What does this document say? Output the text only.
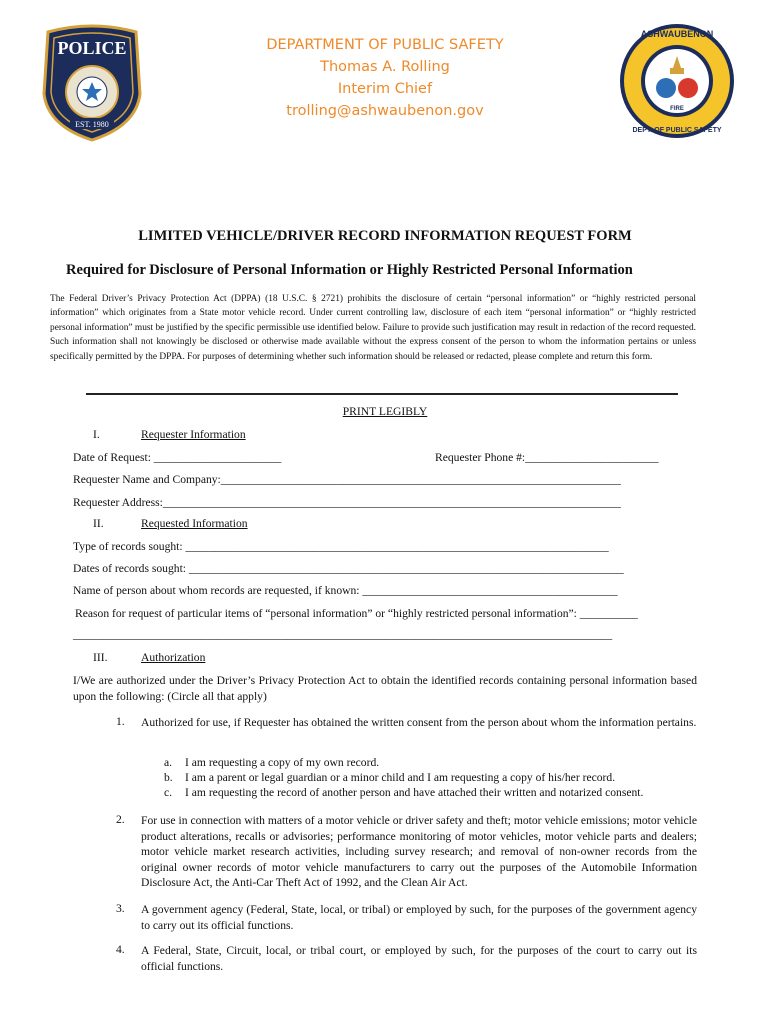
POLICE
EST. 1980
FIRE
ASHWAUBENON
DEPT. OF PUBLIC SAFETY
DEPARTMENT OF PUBLIC SAFETY
Thomas A. Rolling
Interim Chief
trolling@ashwaubenon.gov
LIMITED VEHICLE/DRIVER RECORD INFORMATION REQUEST FORM
Required for Disclosure of Personal Information or Highly Restricted Personal Information
The Federal Driver’s Privacy Protection Act (DPPA) (18 U.S.C. § 2721) prohibits the disclosure of certain “personal information” or “highly restricted personal information” which originates from a State motor vehicle record. Under current controlling law, disclosure of each item “personal information” or “highly restricted personal information” must be justified by the specific permissible use identified below. Failure to provide such justification may result in redaction of the record requested. Such information shall not knowingly be disclosed or otherwise made available without the express consent of the person to whom the information pertains or unless specifically permitted by the DPPA. For purposes of determining whether such information should be released or redacted, please complete and return this form.
PRINT LEGIBLY
I.	Requester Information
Date of Request: ______________________	Requester Phone #:_______________________
Requester Name and Company:_____________________________________________________________________
Requester Address:_______________________________________________________________________________
II.	Requested Information
Type of records sought: _________________________________________________________________________
Dates of records sought: ___________________________________________________________________________
Name of person about whom records are requested, if known: ____________________________________________
Reason for request of particular items of “personal information” or “highly restricted personal information”: __________
_____________________________________________________________________________________________
III.	Authorization
I/We are authorized under the Driver’s Privacy Protection Act to obtain the identified records containing personal information based upon the following: (Circle all that apply)
1. Authorized for use, if Requester has obtained the written consent from the person about whom the information pertains.
a. I am requesting a copy of my own record.
b. I am a parent or legal guardian or a minor child and I am requesting a copy of his/her record.
c. I am requesting the record of another person and have attached their written and notarized consent.
2. For use in connection with matters of a motor vehicle or driver safety and theft; motor vehicle emissions; motor vehicle product alterations, recalls or advisories; performance monitoring of motor vehicles, motor vehicle parts and dealers; motor vehicle market research activities, including survey research; and removal of non-owner records from the original owner records of motor vehicle manufacturers to carry out the purposes of the Automobile Information Disclosure Act, the Anti-Car Theft Act of 1992, and the Clean Air Act.
3. A government agency (Federal, State, local, or tribal) or employed by such, for the purposes of the government agency to carry out its official functions.
4. A Federal, State, Circuit, local, or tribal court, or employed by such, for the purposes of the court to carry out its official functions.
